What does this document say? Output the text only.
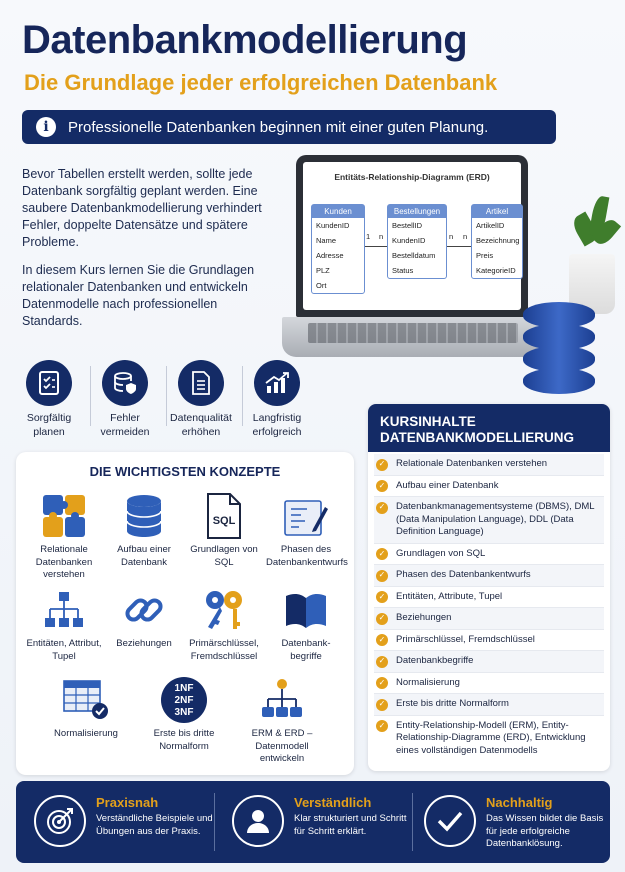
Datenbankmodellierung
Die Grundlage jeder erfolgreichen Datenbank
i	Professionelle Datenbanken beginnen mit einer guten Planung.

Bevor Tabellen erstellt werden, sollte jede Datenbank sorgfältig geplant werden. Eine saubere Datenbankmodellierung verhindert Fehler, doppelte Datensätze und spätere Probleme.

In diesem Kurs lernen Sie die Grundlagen relationaler Datenbanken und entwickeln Datenmodelle nach professionellen Standards.

Entitäts-Relationship-Diagramm (ERD)
Kunden
KundenID
Name
Adresse
PLZ
Ort
1 n
Bestellungen
BestellID
KundenID
Bestelldatum
Status
n n
Artikel
ArtikelID
Bezeichnung
Preis
KategorieID
Sorgfältig planen
Fehler vermeiden
Datenqualität erhöhen
Langfristig erfolgreich
DIE WICHTIGSTEN KONZEPTE
Relationale Datenbanken verstehen
Aufbau einer Datenbank
SQL
Grundlagen von SQL
Phasen des Datenbankentwurfs
Entitäten, Attribut, Tupel
Beziehungen	Primärschlüssel, Fremdschlüssel
Datenbank-begriffe
Normalisierung
1NF
2NF
3NF
Erste bis dritte Normalform
ERM & ERD – Datenmodell entwickeln
KURSINHALTE
DATENBANKMODELLIERUNG
✓ Relationale Datenbanken verstehen
✓ Aufbau einer Datenbank
✓ Datenbankmanagementsysteme (DBMS), DML (Data Manipulation Language), DDL (Data Definition Language)
✓ Grundlagen von SQL
✓ Phasen des Datenbankentwurfs
✓ Entitäten, Attribute, Tupel
✓ Beziehungen
✓ Primärschlüssel, Fremdschlüssel
✓ Datenbankbegriffe
✓ Normalisierung
✓ Erste bis dritte Normalform
✓ Entity-Relationship-Modell (ERM), Entity-Relationship-Diagramme (ERD), Entwicklung eines vollständigen Datenmodells
Praxisnah
Verständliche Beispiele und Übungen aus der Praxis.
Verständlich
Klar strukturiert und Schritt für Schritt erklärt.
Nachhaltig
Das Wissen bildet die Basis für jede erfolgreiche Datenbanklösung.
